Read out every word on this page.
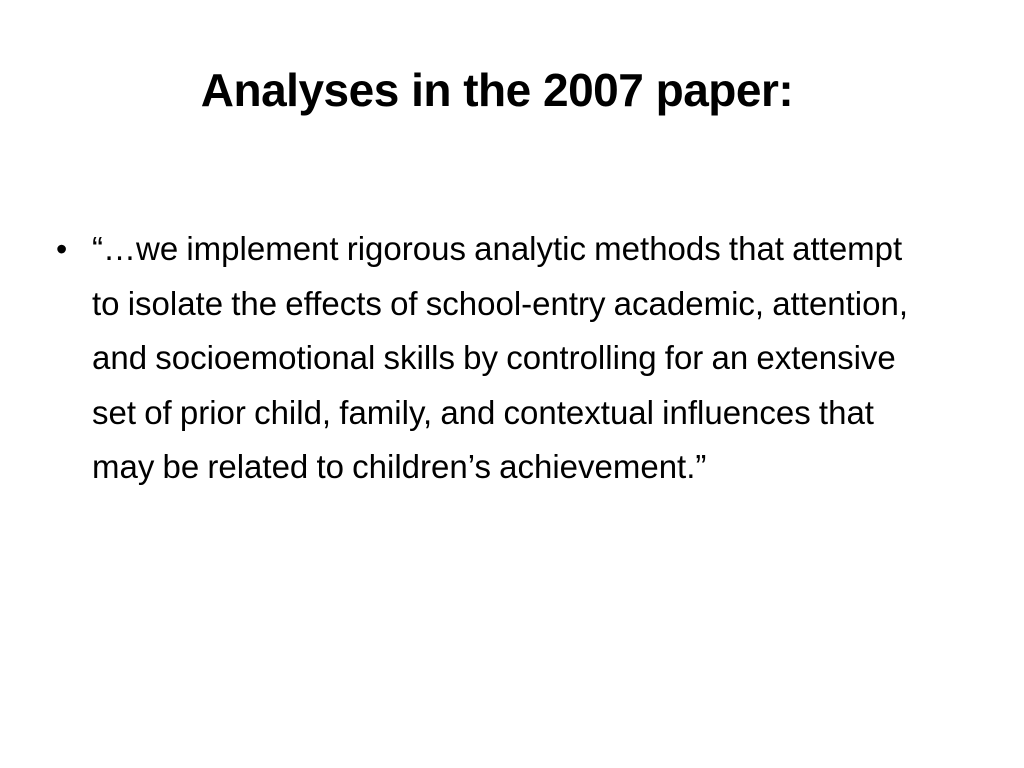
Analyses in the 2007 paper:
• “…we implement rigorous analytic methods that attempt to isolate the effects of school-entry academic, attention, and socioemotional skills by controlling for an extensive set of prior child, family, and contextual influences that may be related to children’s achievement.”
